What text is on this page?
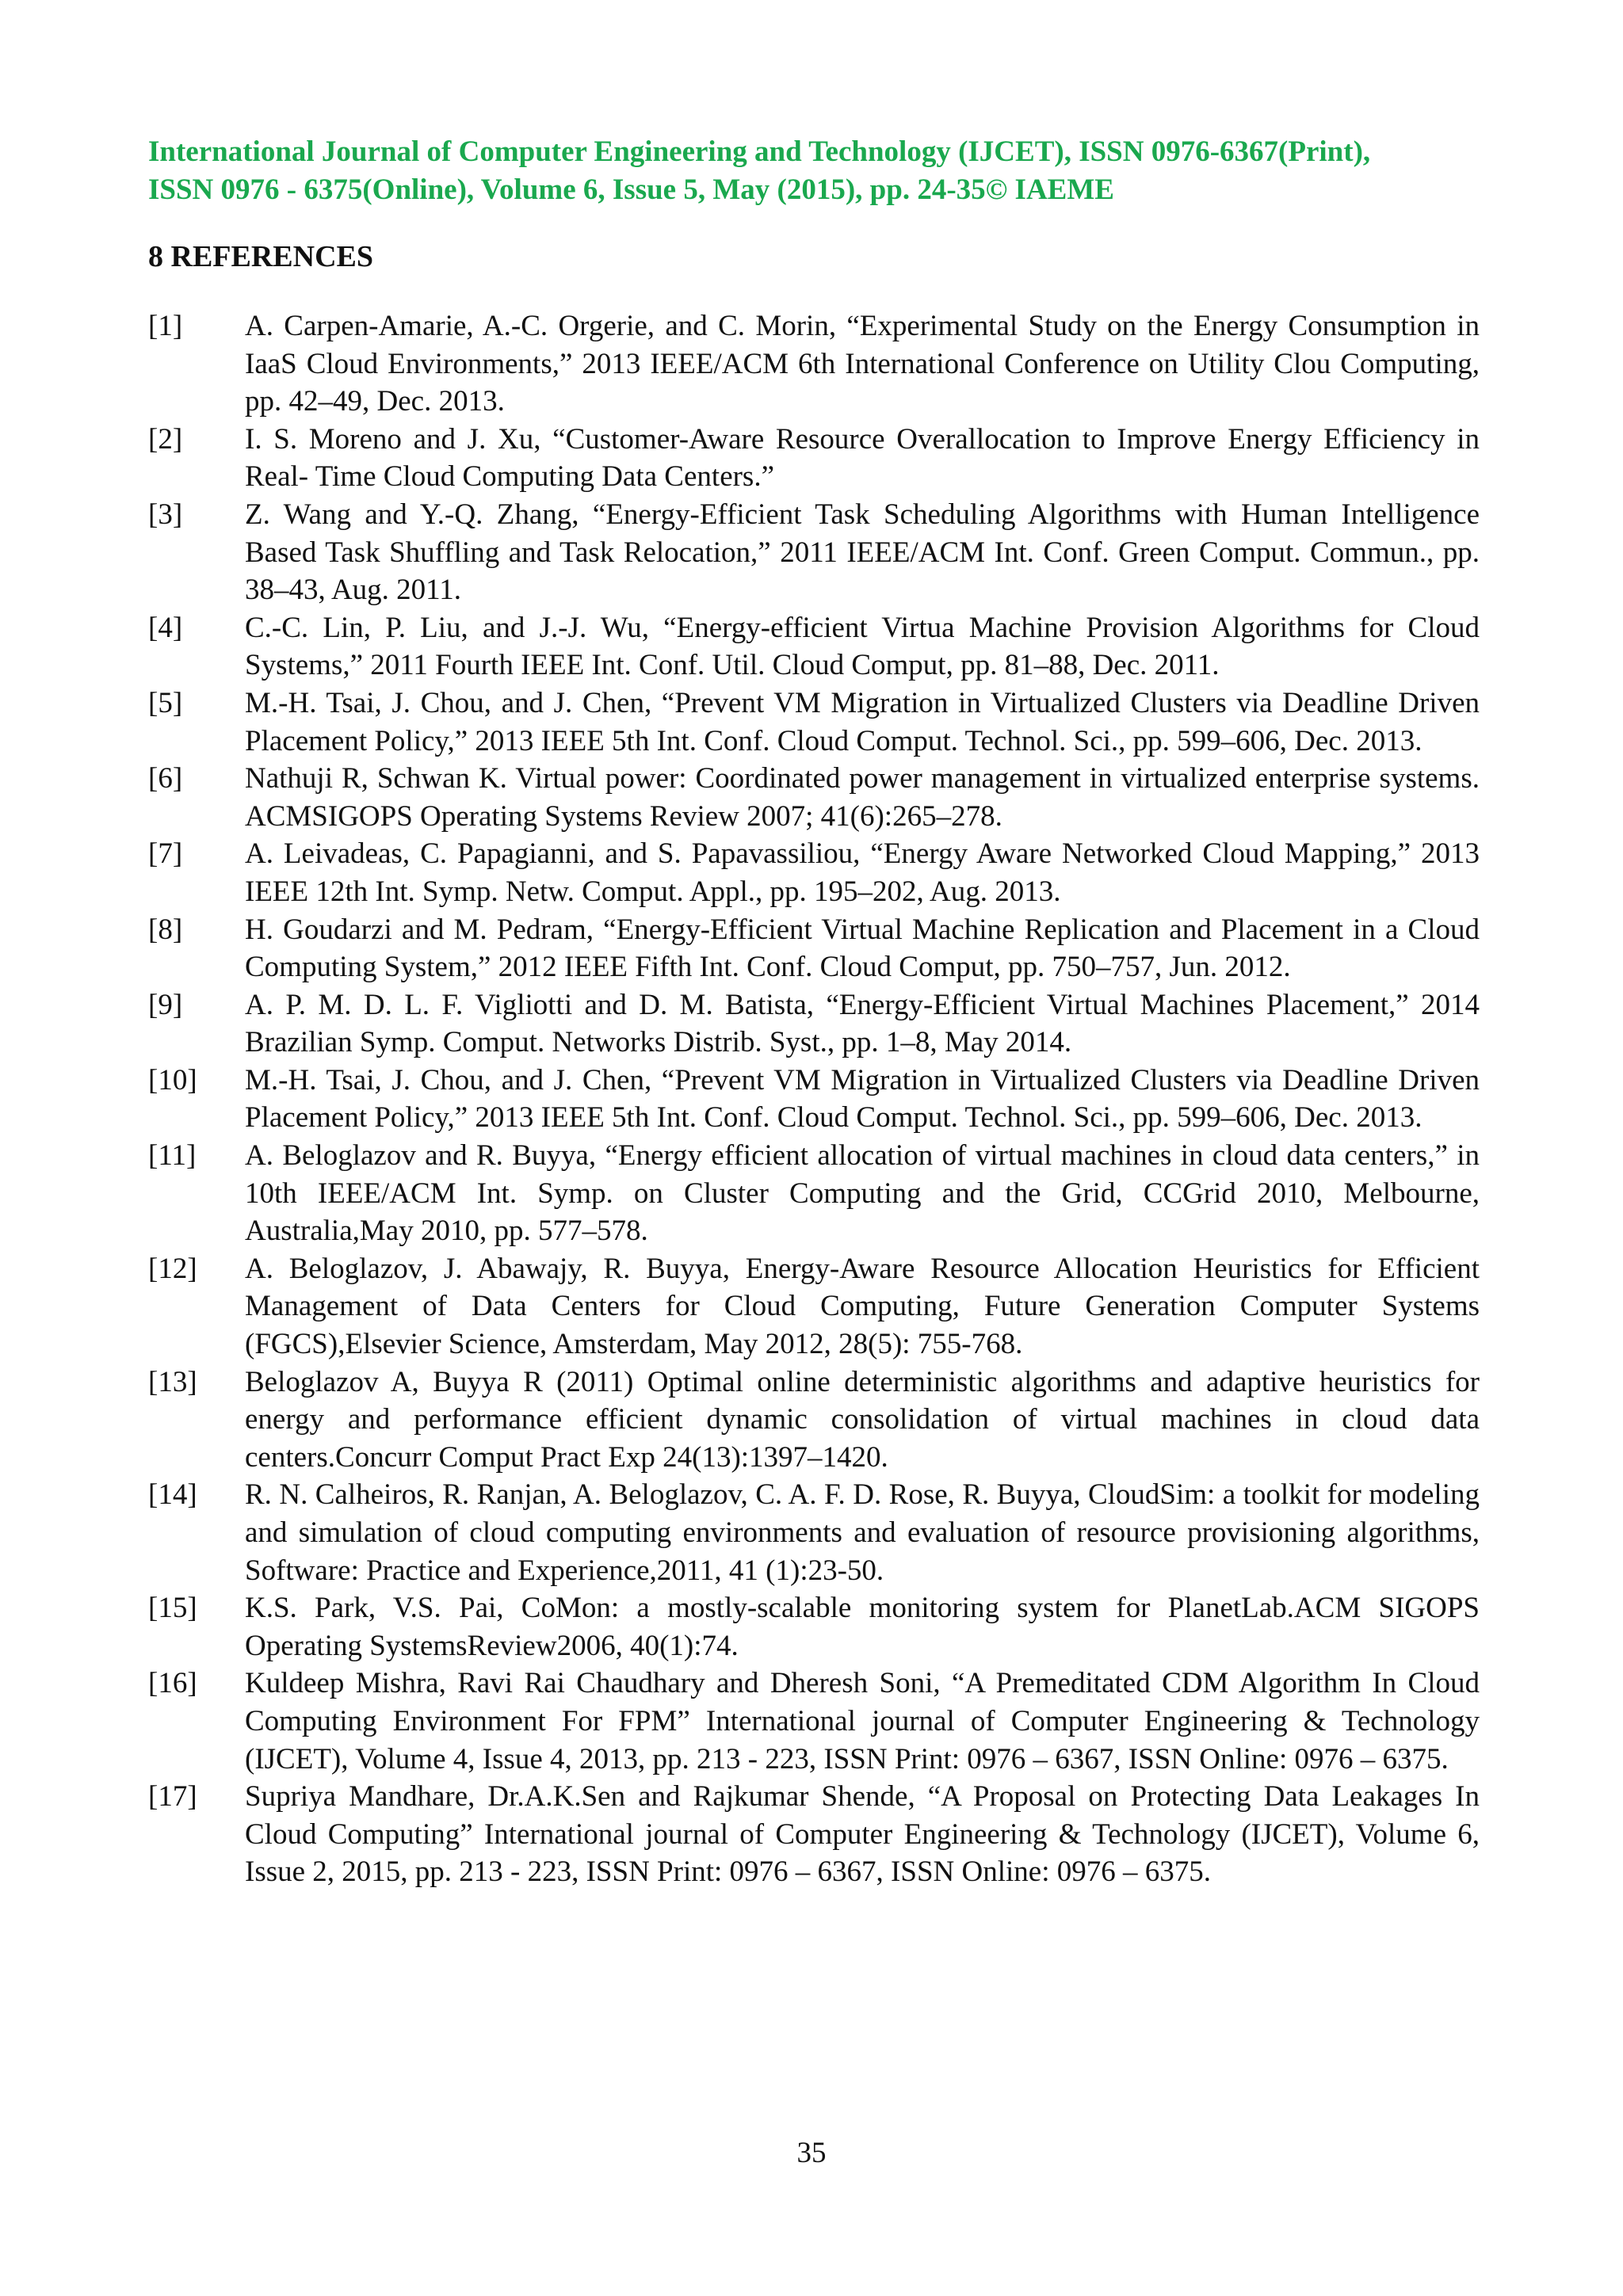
International Journal of Computer Engineering and Technology (IJCET), ISSN 0976-6367(Print),
ISSN 0976 - 6375(Online), Volume 6, Issue 5, May (2015), pp. 24-35© IAEME
8 REFERENCES
[1] A. Carpen-Amarie, A.-C. Orgerie, and C. Morin, “Experimental Study on the Energy Consumption in IaaS Cloud Environments,” 2013 IEEE/ACM 6th International Conference on Utility Clou Computing, pp. 42–49, Dec. 2013.
[2] I. S. Moreno and J. Xu, “Customer-Aware Resource Overallocation to Improve Energy Efficiency in Real- Time Cloud Computing Data Centers.”
[3] Z. Wang and Y.-Q. Zhang, “Energy-Efficient Task Scheduling Algorithms with Human Intelligence Based Task Shuffling and Task Relocation,” 2011 IEEE/ACM Int. Conf. Green Comput. Commun., pp. 38–43, Aug. 2011.
[4] C.-C. Lin, P. Liu, and J.-J. Wu, “Energy-efficient Virtua Machine Provision Algorithms for Cloud Systems,” 2011 Fourth IEEE Int. Conf. Util. Cloud Comput, pp. 81–88, Dec. 2011.
[5] M.-H. Tsai, J. Chou, and J. Chen, “Prevent VM Migration in Virtualized Clusters via Deadline Driven Placement Policy,” 2013 IEEE 5th Int. Conf. Cloud Comput. Technol. Sci., pp. 599–606, Dec. 2013.
[6] Nathuji R, Schwan K. Virtual power: Coordinated power management in virtualized enterprise systems. ACMSIGOPS Operating Systems Review 2007; 41(6):265–278.
[7] A. Leivadeas, C. Papagianni, and S. Papavassiliou, “Energy Aware Networked Cloud Mapping,” 2013 IEEE 12th Int. Symp. Netw. Comput. Appl., pp. 195–202, Aug. 2013.
[8] H. Goudarzi and M. Pedram, “Energy-Efficient Virtual Machine Replication and Placement in a Cloud Computing System,” 2012 IEEE Fifth Int. Conf. Cloud Comput, pp. 750–757, Jun. 2012.
[9] A. P. M. D. L. F. Vigliotti and D. M. Batista, “Energy-Efficient Virtual Machines Placement,” 2014 Brazilian Symp. Comput. Networks Distrib. Syst., pp. 1–8, May 2014.
[10] M.-H. Tsai, J. Chou, and J. Chen, “Prevent VM Migration in Virtualized Clusters via Deadline Driven Placement Policy,” 2013 IEEE 5th Int. Conf. Cloud Comput. Technol. Sci., pp. 599–606, Dec. 2013.
[11] A. Beloglazov and R. Buyya, “Energy efficient allocation of virtual machines in cloud data centers,” in 10th IEEE/ACM Int. Symp. on Cluster Computing and the Grid, CCGrid 2010, Melbourne, Australia,May 2010, pp. 577–578.
[12] A. Beloglazov, J. Abawajy, R. Buyya, Energy-Aware Resource Allocation Heuristics for Efficient Management of Data Centers for Cloud Computing, Future Generation Computer Systems (FGCS),Elsevier Science, Amsterdam, May 2012, 28(5): 755-768.
[13] Beloglazov A, Buyya R (2011) Optimal online deterministic algorithms and adaptive heuristics for energy and performance efficient dynamic consolidation of virtual machines in cloud data centers.Concurr Comput Pract Exp 24(13):1397–1420.
[14] R. N. Calheiros, R. Ranjan, A. Beloglazov, C. A. F. D. Rose, R. Buyya, CloudSim: a toolkit for modeling and simulation of cloud computing environments and evaluation of resource provisioning algorithms, Software: Practice and Experience,2011, 41 (1):23-50.
[15] K.S. Park, V.S. Pai, CoMon: a mostly-scalable monitoring system for PlanetLab.ACM SIGOPS Operating SystemsReview2006, 40(1):74.
[16] Kuldeep Mishra, Ravi Rai Chaudhary and Dheresh Soni, “A Premeditated CDM Algorithm In Cloud Computing Environment For FPM” International journal of Computer Engineering & Technology (IJCET), Volume 4, Issue 4, 2013, pp. 213 - 223, ISSN Print: 0976 – 6367, ISSN Online: 0976 – 6375.
[17] Supriya Mandhare, Dr.A.K.Sen and Rajkumar Shende, “A Proposal on Protecting Data Leakages In Cloud Computing” International journal of Computer Engineering & Technology (IJCET), Volume 6, Issue 2, 2015, pp. 213 - 223, ISSN Print: 0976 – 6367, ISSN Online: 0976 – 6375.
35
